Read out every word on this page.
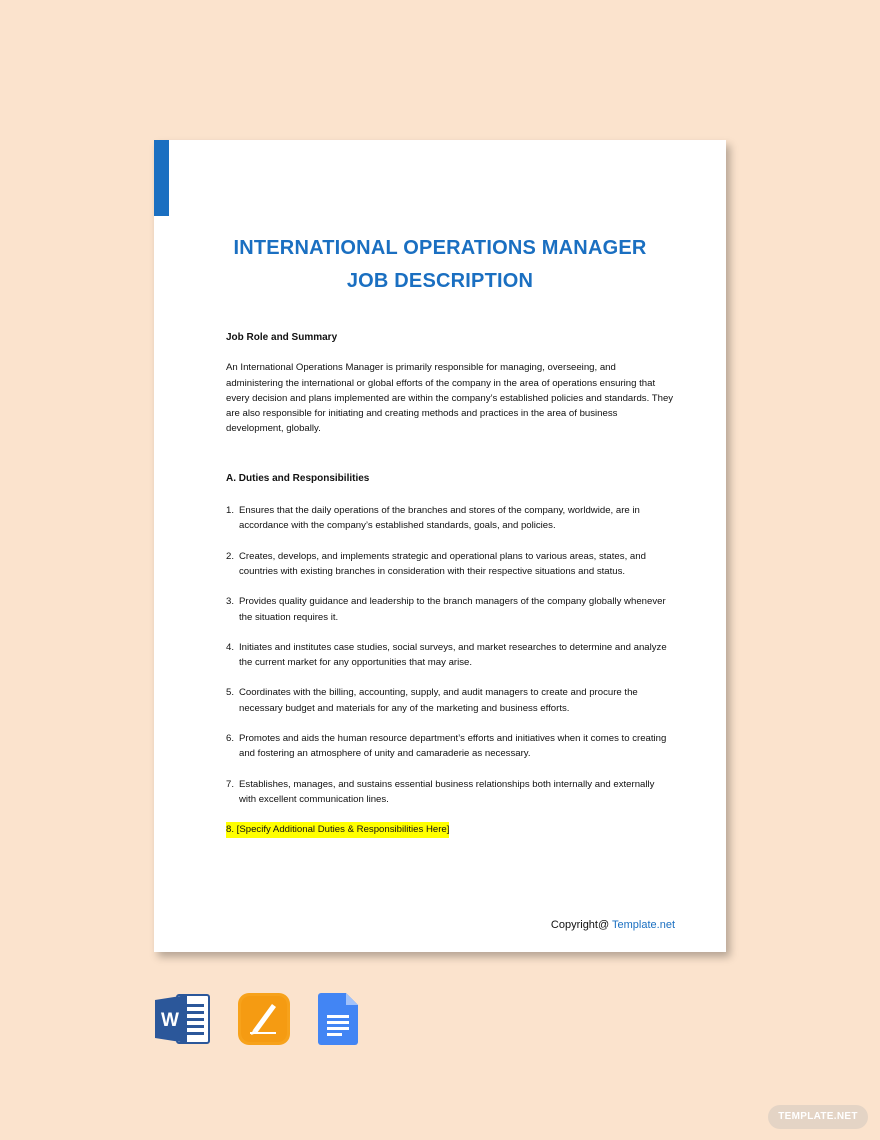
INTERNATIONAL OPERATIONS MANAGER
JOB DESCRIPTION

Job Role and Summary

An International Operations Manager is primarily responsible for managing, overseeing, and administering the international or global efforts of the company in the area of operations ensuring that every decision and plans implemented are within the company’s established policies and standards. They are also responsible for initiating and creating methods and practices in the area of business development, globally.

A. Duties and Responsibilities

1. Ensures that the daily operations of the branches and stores of the company, worldwide, are in accordance with the company’s established standards, goals, and policies.
2. Creates, develops, and implements strategic and operational plans to various areas, states, and countries with existing branches in consideration with their respective situations and status.
3. Provides quality guidance and leadership to the branch managers of the company globally whenever the situation requires it.
4. Initiates and institutes case studies, social surveys, and market researches to determine and analyze the current market for any opportunities that may arise.
5. Coordinates with the billing, accounting, supply, and audit managers to create and procure the necessary budget and materials for any of the marketing and business efforts.
6. Promotes and aids the human resource department’s efforts and initiatives when it comes to creating and fostering an atmosphere of unity and camaraderie as necessary.
7. Establishes, manages, and sustains essential business relationships both internally and externally with excellent communication lines.
8. [Specify Additional Duties & Responsibilities Here]
Copyright@ Template.net
W
TEMPLATE.NET
